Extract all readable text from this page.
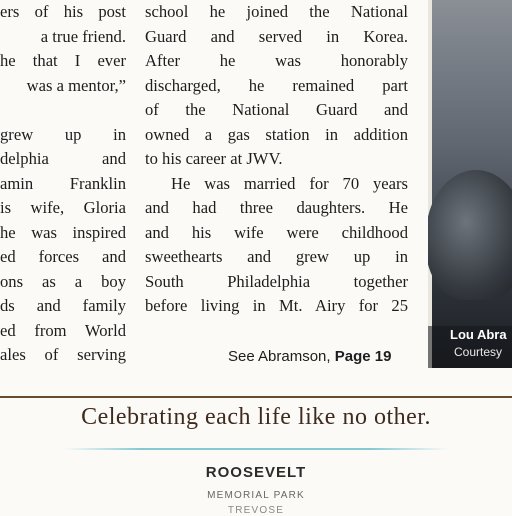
ers of his post
a true friend.
he that I ever
was a mentor,”
grew up in
delphia and
amin Franklin
is wife, Gloria
he was inspired
ed forces and
ons as a boy
ds and family
ed from World
ales of serving
school he joined the National
Guard and served in Korea.
After he was honorably
discharged, he remained part
of the National Guard and
owned a gas station in addition
to his career at JWV.
He was married for 70 years
and had three daughters. He
and his wife were childhood
sweethearts and grew up in
South Philadelphia together
before living in Mt. Airy for 25
See Abramson, Page 19
Lou Abra
Courtesy
Celebrating each life like no other.
ROOSEVELT
MEMORIAL PARK
TREVOSE
